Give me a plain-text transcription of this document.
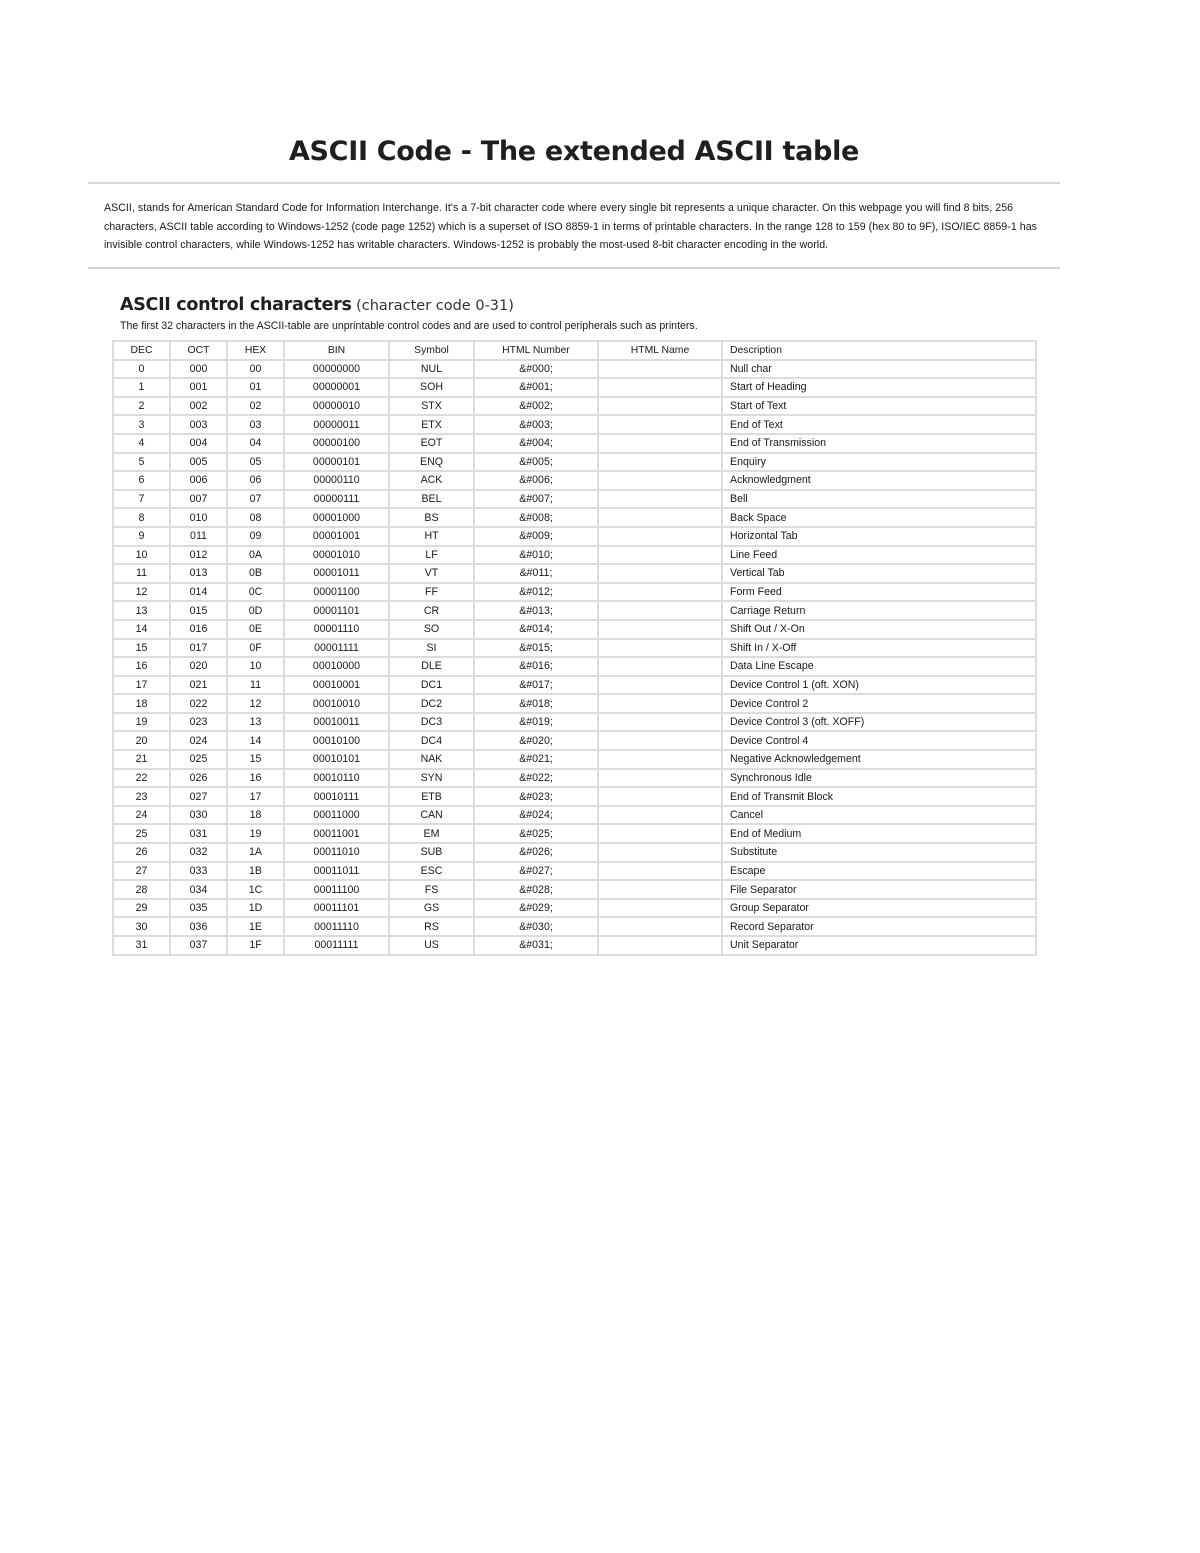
ASCII Code - The extended ASCII table
ASCII, stands for American Standard Code for Information Interchange. It's a 7-bit character code where every single bit represents a unique character. On this webpage you will find 8 bits, 256 characters, ASCII table according to Windows-1252 (code page 1252) which is a superset of ISO 8859-1 in terms of printable characters. In the range 128 to 159 (hex 80 to 9F), ISO/IEC 8859-1 has invisible control characters, while Windows-1252 has writable characters. Windows-1252 is probably the most-used 8-bit character encoding in the world.
ASCII control characters (character code 0-31)
The first 32 characters in the ASCII-table are unprintable control codes and are used to control peripherals such as printers.
DEC	OCT	HEX	BIN	Symbol	HTML Number	HTML Name	Description
0	000	00	00000000	NUL	&#000;		Null char
1	001	01	00000001	SOH	&#001;		Start of Heading
2	002	02	00000010	STX	&#002;		Start of Text
3	003	03	00000011	ETX	&#003;		End of Text
4	004	04	00000100	EOT	&#004;		End of Transmission
5	005	05	00000101	ENQ	&#005;		Enquiry
6	006	06	00000110	ACK	&#006;		Acknowledgment
7	007	07	00000111	BEL	&#007;		Bell
8	010	08	00001000	BS	&#008;		Back Space
9	011	09	00001001	HT	&#009;		Horizontal Tab
10	012	0A	00001010	LF	&#010;		Line Feed
11	013	0B	00001011	VT	&#011;		Vertical Tab
12	014	0C	00001100	FF	&#012;		Form Feed
13	015	0D	00001101	CR	&#013;		Carriage Return
14	016	0E	00001110	SO	&#014;		Shift Out / X-On
15	017	0F	00001111	SI	&#015;		Shift In / X-Off
16	020	10	00010000	DLE	&#016;		Data Line Escape
17	021	11	00010001	DC1	&#017;		Device Control 1 (oft. XON)
18	022	12	00010010	DC2	&#018;		Device Control 2
19	023	13	00010011	DC3	&#019;		Device Control 3 (oft. XOFF)
20	024	14	00010100	DC4	&#020;		Device Control 4
21	025	15	00010101	NAK	&#021;		Negative Acknowledgement
22	026	16	00010110	SYN	&#022;		Synchronous Idle
23	027	17	00010111	ETB	&#023;		End of Transmit Block
24	030	18	00011000	CAN	&#024;		Cancel
25	031	19	00011001	EM	&#025;		End of Medium
26	032	1A	00011010	SUB	&#026;		Substitute
27	033	1B	00011011	ESC	&#027;		Escape
28	034	1C	00011100	FS	&#028;		File Separator
29	035	1D	00011101	GS	&#029;		Group Separator
30	036	1E	00011110	RS	&#030;		Record Separator
31	037	1F	00011111	US	&#031;		Unit Separator
